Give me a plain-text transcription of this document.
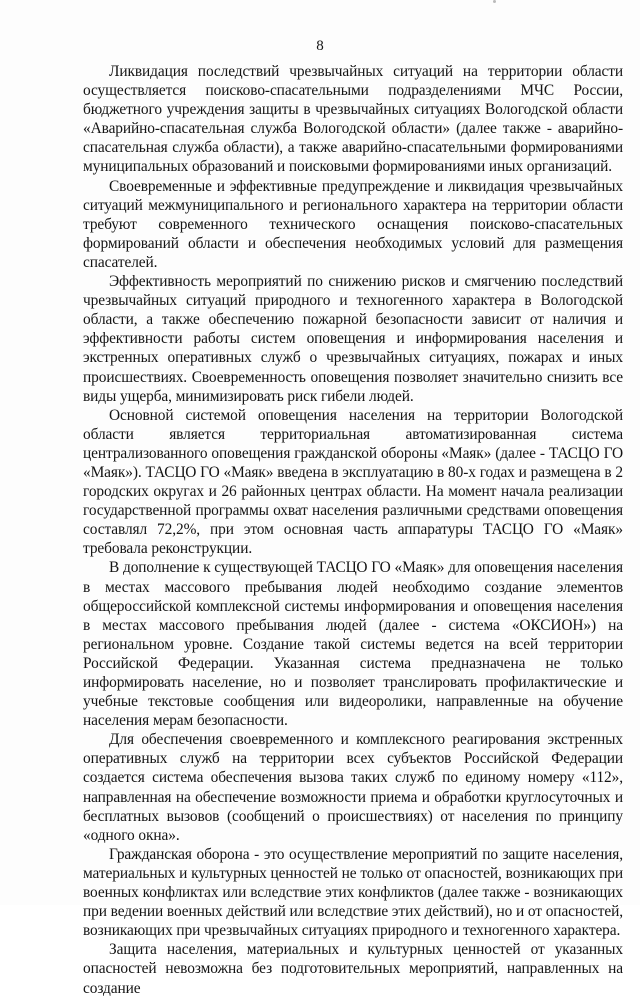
8

Ликвидация последствий чрезвычайных ситуаций на территории области осуществляется поисково-спасательными подразделениями МЧС России, бюджетного учреждения защиты в чрезвычайных ситуациях Вологодской области «Аварийно-спасательная служба Вологодской области» (далее также - аварийно-спасательная служба области), а также аварийно-спасательными формированиями муниципальных образований и поисковыми формированиями иных организаций.

Своевременные и эффективные предупреждение и ликвидация чрезвычайных ситуаций межмуниципального и регионального характера на территории области требуют современного технического оснащения поисково-спасательных формирований области и обеспечения необходимых условий для размещения спасателей.

Эффективность мероприятий по снижению рисков и смягчению последствий чрезвычайных ситуаций природного и техногенного характера в Вологодской области, а также обеспечению пожарной безопасности зависит от наличия и эффективности работы систем оповещения и информирования населения и экстренных оперативных служб о чрезвычайных ситуациях, пожарах и иных происшествиях. Своевременность оповещения позволяет значительно снизить все виды ущерба, минимизировать риск гибели людей.

Основной системой оповещения населения на территории Вологодской области является территориальная автоматизированная система централизованного оповещения гражданской обороны «Маяк» (далее - ТАСЦО ГО «Маяк»). ТАСЦО ГО «Маяк» введена в эксплуатацию в 80-х годах и размещена в 2 городских округах и 26 районных центрах области. На момент начала реализации государственной программы охват населения различными средствами оповещения составлял 72,2%, при этом основная часть аппаратуры ТАСЦО ГО «Маяк» требовала реконструкции.

В дополнение к существующей ТАСЦО ГО «Маяк» для оповещения населения в местах массового пребывания людей необходимо создание элементов общероссийской комплексной системы информирования и оповещения населения в местах массового пребывания людей (далее - система «ОКСИОН») на региональном уровне. Создание такой системы ведется на всей территории Российской Федерации. Указанная система предназначена не только информировать население, но и позволяет транслировать профилактические и учебные текстовые сообщения или видеоролики, направленные на обучение населения мерам безопасности.

Для обеспечения своевременного и комплексного реагирования экстренных оперативных служб на территории всех субъектов Российской Федерации создается система обеспечения вызова таких служб по единому номеру «112», направленная на обеспечение возможности приема и обработки круглосуточных и бесплатных вызовов (сообщений о происшествиях) от населения по принципу «одного окна».

Гражданская оборона - это осуществление мероприятий по защите населения, материальных и культурных ценностей не только от опасностей, возникающих при военных конфликтах или вследствие этих конфликтов (далее также - возникающих при ведении военных действий или вследствие этих действий), но и от опасностей, возникающих при чрезвычайных ситуациях природного и техногенного характера.

Защита населения, материальных и культурных ценностей от указанных опасностей невозможна без подготовительных мероприятий, направленных на создание
